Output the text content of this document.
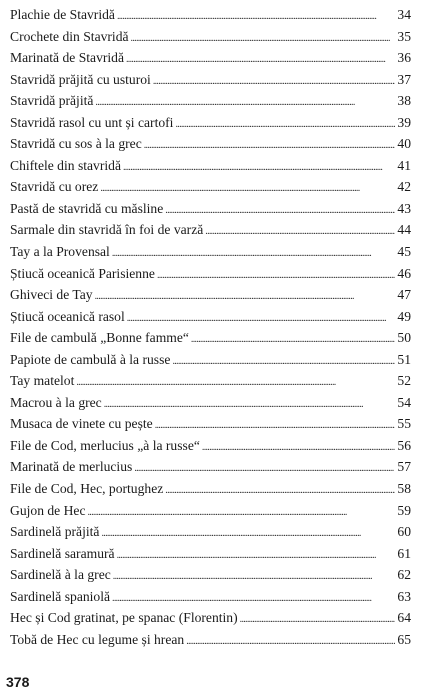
Plachie de Stavridă . . .	34
Crochete din Stavridă . . .	35
Marinată de Stavridă . . .	36
Stavridă prăjită cu usturoi . . .	37
Stavridă prăjită . . .	38
Stavridă rasol cu unt și cartofi . . .	39
Stavridă cu sos à la grec . . .	40
Chiftele din stavridă . . .	41
Stavridă cu orez . . .	42
Pastă de stavridă cu măsline . . .	43
Sarmale din stavridă în foi de varză . . .	44
Tay a la Provensal . . .	45
Știucă oceanică Parisienne . . .	46
Ghiveci de Tay . . .	47
Știucă oceanică rasol . . .	49
File de cambulă „Bonne famme“ . . .	50
Papiote de cambulă à la russe . . .	51
Tay matelot . . .	52
Macrou à la grec . . .	54
Musaca de vinete cu pește . . .	55
File de Cod, merlucius „à la russe“ . . .	56
Marinată de merlucius . . .	57
File de Cod, Hec, portughez . . .	58
Gujon de Hec . . .	59
Sardinelă prăjită . . .	60
Sardinelă saramură . . .	61
Sardinelă à la grec . . .	62
Sardinelă spaniolă . . .	63
Hec și Cod gratinat, pe spanac (Florentin) . . .	64
Tobă de Hec cu legume și hrean . . .	65
378
